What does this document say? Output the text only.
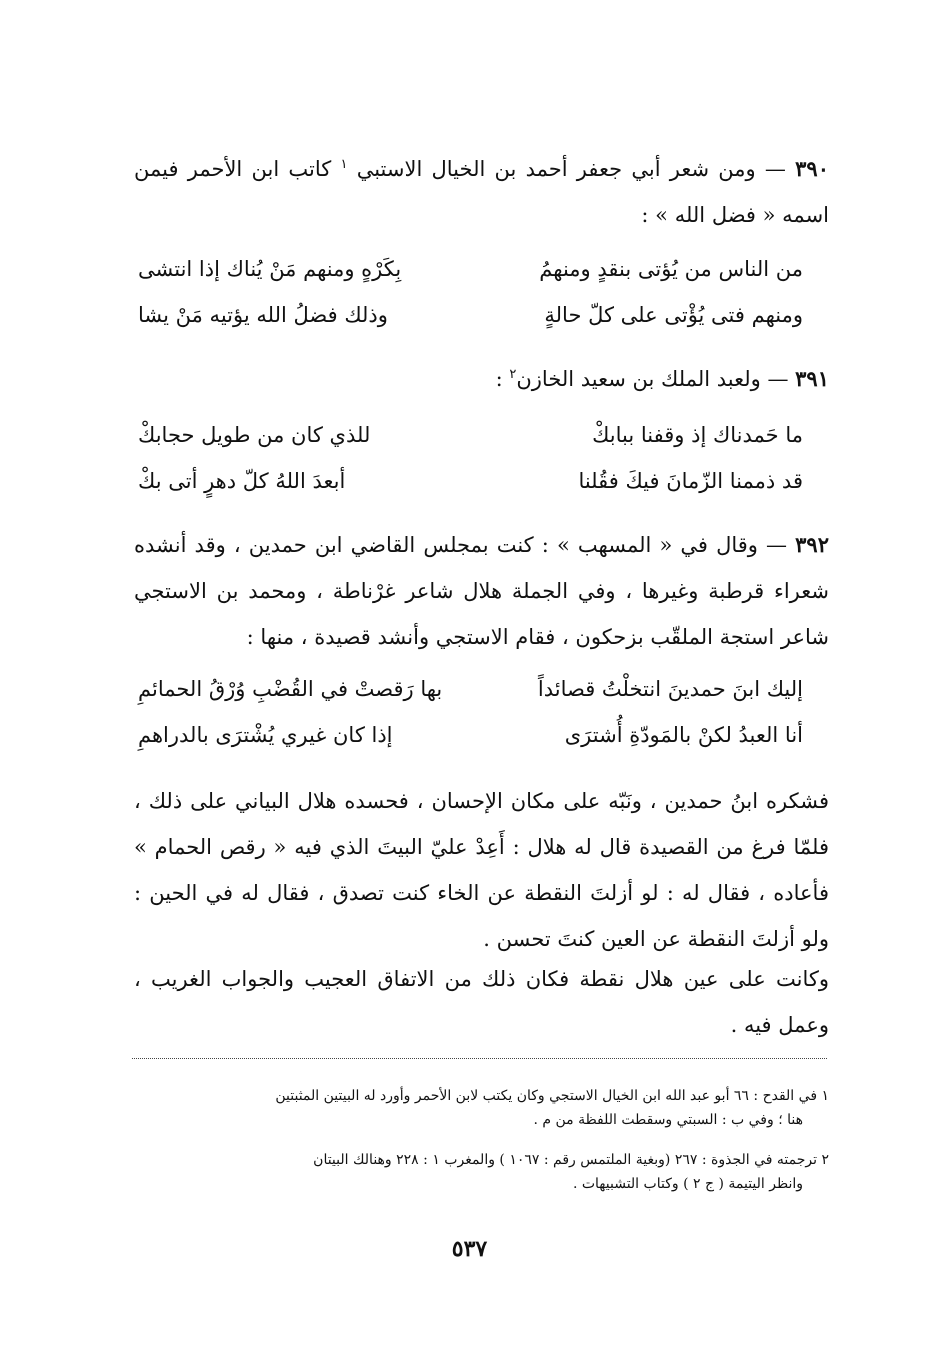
٣٩٠ — ومن شعر أبي جعفر أحمد بن الخيال الاستبي $^١$ كاتب ابن الأحمر فيمن اسمه « فضل الله » :
من الناس من يُؤتى بنقدٍ ومنهمُ
بِكَرْهٍ ومنهم مَنْ يُناك إذا انتشى
ومنهم فتى يُؤْتى على كلّ حالةٍ
وذلك فضلُ الله يؤتيه مَنْ يشا
٣٩١ — ولعبد الملك بن سعيد الخازن$^٢$ :
ما حَمدناك إذ وقفنا ببابكْ
للذي كان من طويل حجابكْ
قد ذممنا الزّمانَ فيكَ فقُلنا
أبعدَ اللهُ كلّ دهرٍ أتى بكْ
٣٩٢ — وقال في « المسهب » : كنت بمجلس القاضي ابن حمدين ، وقد أنشده شعراء قرطبة وغيرها ، وفي الجملة هلال شاعر غرْناطة ، ومحمد بن الاستجي شاعر استجة الملقّب بزحكون ، فقام الاستجي وأنشد قصيدة ، منها :
إليك ابنَ حمدينَ انتخلْتُ قصائداً
بها رَقصتْ في القُضْبِ وُرْقُ الحمائمِ
أنا العبدُ لكنْ بالمَودّةِ أُشترَى
إذا كان غيري يُشْترَى بالدراهمِ
فشكره ابنُ حمدين ، ونَبّه على مكان الإحسان ، فحسده هلال البياني على ذلك ، فلمّا فرغ من القصيدة قال له هلال : أَعِدْ عليّ البيتَ الذي فيه « رقص الحمام » فأعاده ، فقال له : لو أزلتَ النقطة عن الخاء كنت تصدق ، فقال له في الحين : ولو أزلتَ النقطة عن العين كنتَ تحسن .
وكانت على عين هلال نقطة فكان ذلك من الاتفاق العجيب والجواب الغريب ، وعمل فيه .
١ في القدح : ٦٦ أبو عبد الله ابن الخيال الاستجي وكان يكتب لابن الأحمر وأورد له البيتين المثبتين
هنا ؛ وفي ب : السبتي وسقطت اللفظة من م .
٢ ترجمته في الجذوة : ٢٦٧ (وبغية الملتمس رقم : ١٠٦٧ ) والمغرب ١ : ٢٢٨ وهنالك البيتان
وانظر اليتيمة ( ج ٢ ) وكتاب التشبيهات .
٥٣٧
